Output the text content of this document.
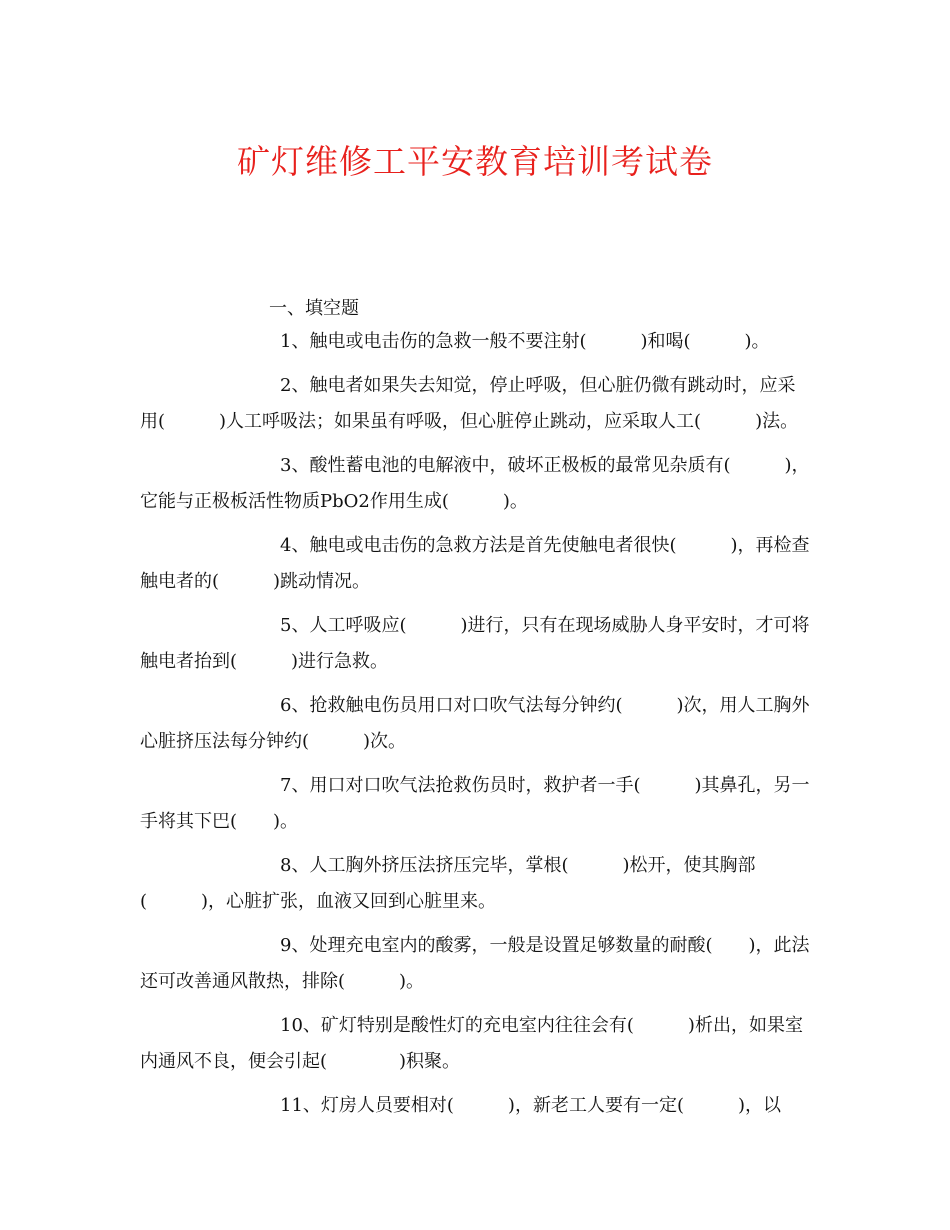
矿灯维修工平安教育培训考试卷
一、填空题

1、触电或电击伤的急救一般不要注射(　　　)和喝(　　　)。

2、触电者如果失去知觉，停止呼吸，但心脏仍微有跳动时，应采用(　　　)人工呼吸法；如果虽有呼吸，但心脏停止跳动，应采取人工(　　　)法。

3、酸性蓄电池的电解液中，破坏正极板的最常见杂质有(　　　)，它能与正极板活性物质PbO2作用生成(　　　)。

4、触电或电击伤的急救方法是首先使触电者很快(　　　)，再检查触电者的(　　　)跳动情况。

5、人工呼吸应(　　　)进行，只有在现场威胁人身平安时，才可将触电者抬到(　　　)进行急救。

6、抢救触电伤员用口对口吹气法每分钟约(　　　)次，用人工胸外心脏挤压法每分钟约(　　　)次。

7、用口对口吹气法抢救伤员时，救护者一手(　　　)其鼻孔，另一手将其下巴(　　)。

8、人工胸外挤压法挤压完毕，掌根(　　　)松开，使其胸部(　　　)，心脏扩张，血液又回到心脏里来。

9、处理充电室内的酸雾，一般是设置足够数量的耐酸(　　)，此法还可改善通风散热，排除(　　　)。

10、矿灯特别是酸性灯的充电室内往往会有(　　　)析出，如果室内通风不良，便会引起(　　　　)积聚。

11、灯房人员要相对(　　　)，新老工人要有一定(　　　)，以
